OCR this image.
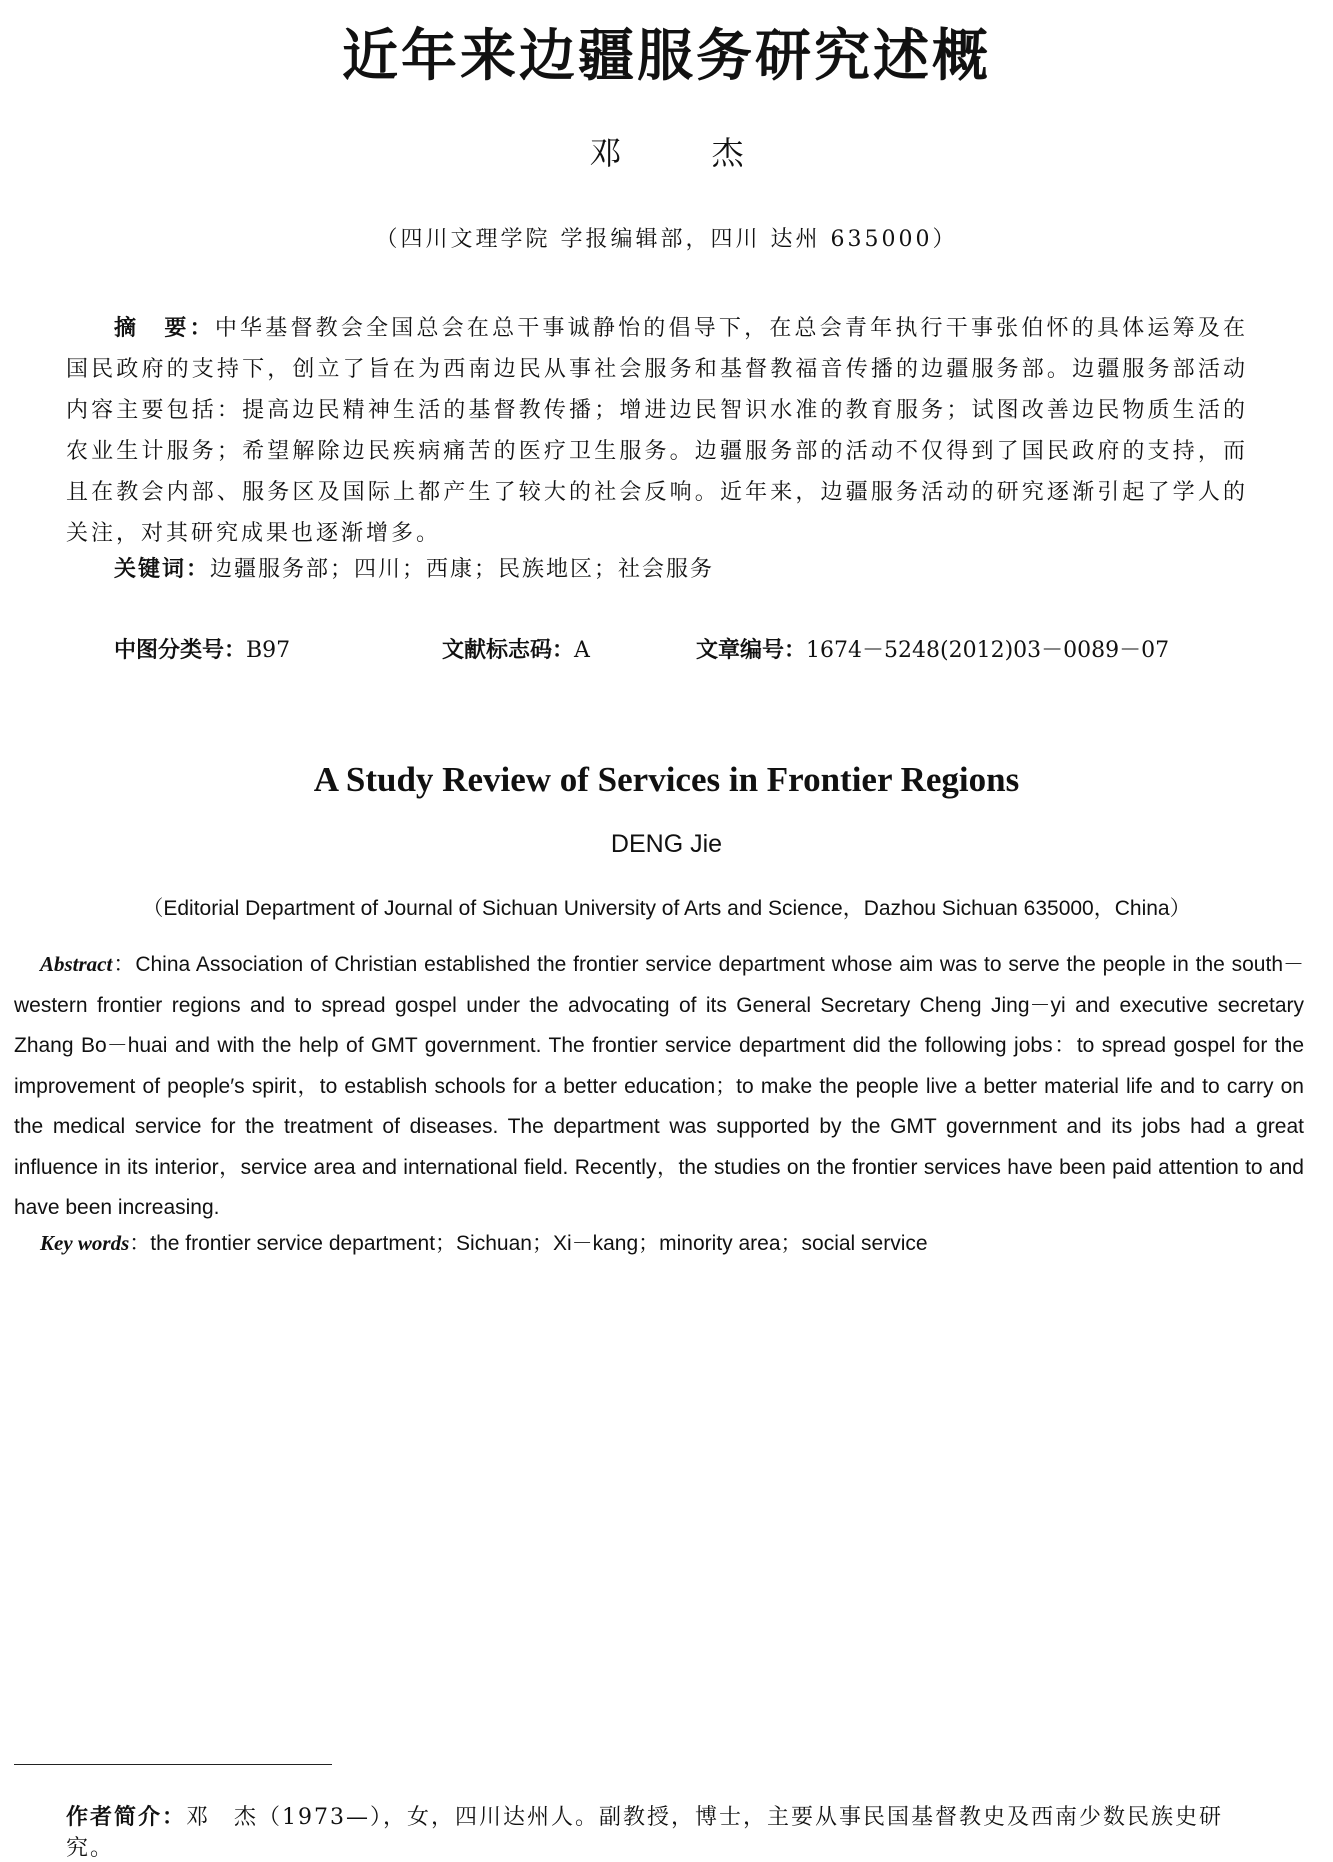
近年来边疆服务研究述概
邓 杰
（四川文理学院 学报编辑部，四川 达州 635000）

摘　要：中华基督教会全国总会在总干事诚静怡的倡导下，在总会青年执行干事张伯怀的具体运筹及在国民政府的支持下，创立了旨在为西南边民从事社会服务和基督教福音传播的边疆服务部。边疆服务部活动内容主要包括：提高边民精神生活的基督教传播；增进边民智识水准的教育服务；试图改善边民物质生活的农业生计服务；希望解除边民疾病痛苦的医疗卫生服务。边疆服务部的活动不仅得到了国民政府的支持，而且在教会内部、服务区及国际上都产生了较大的社会反响。近年来，边疆服务活动的研究逐渐引起了学人的关注，对其研究成果也逐渐增多。

关键词：边疆服务部；四川；西康；民族地区；社会服务
中图分类号：B97	文献标志码：A	文章编号：1674－5248(2012)03－0089－07
A Study Review of Services in Frontier Regions
DENG Jie
（Editorial Department of Journal of Sichuan University of Arts and Science，Dazhou Sichuan 635000，China）

Abstract：China Association of Christian established the frontier service department whose aim was to serve the people in the south－western frontier regions and to spread gospel under the advocating of its General Secretary Cheng Jing－yi and executive secretary Zhang Bo－huai and with the help of GMT government. The frontier service department did the following jobs：to spread gospel for the improvement of people′s spirit，to establish schools for a better education；to make the people live a better material life and to carry on the medical service for the treatment of diseases. The department was supported by the GMT government and its jobs had a great influence in its interior，service area and international field. Recently，the studies on the frontier services have been paid attention to and have been increasing.

Key words：the frontier service department；Sichuan；Xi－kang；minority area；social service
作者简介：邓　杰（1973—），女，四川达州人。副教授，博士，主要从事民国基督教史及西南少数民族史研究。
